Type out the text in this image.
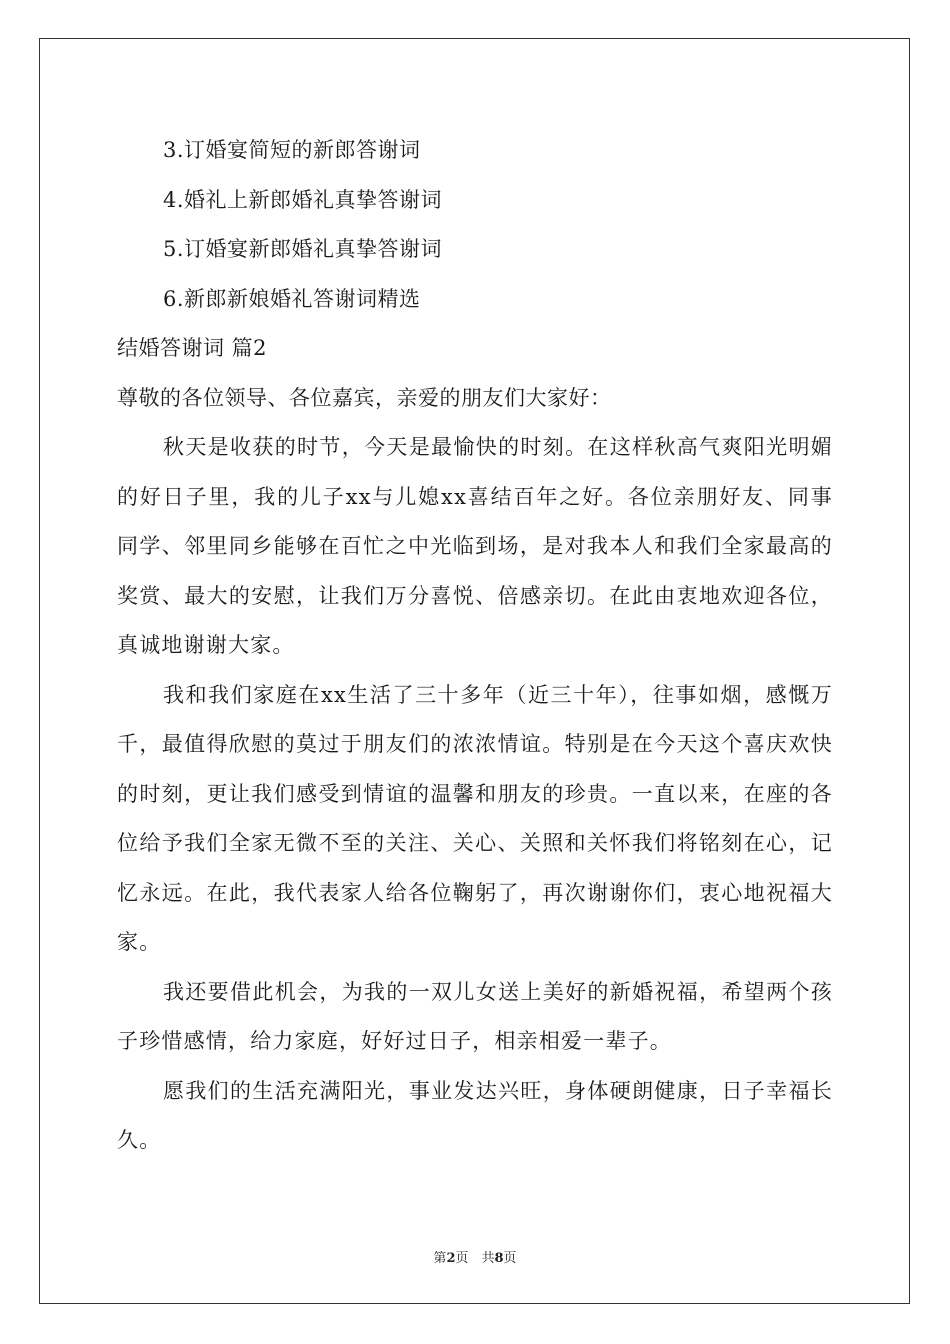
3.订婚宴简短的新郎答谢词
4.婚礼上新郎婚礼真挚答谢词
5.订婚宴新郎婚礼真挚答谢词
6.新郎新娘婚礼答谢词精选
结婚答谢词 篇2
尊敬的各位领导、各位嘉宾，亲爱的朋友们大家好：

秋天是收获的时节，今天是最愉快的时刻。在这样秋高气爽阳光明媚的好日子里，我的儿子xx与儿媳xx喜结百年之好。各位亲朋好友、同事同学、邻里同乡能够在百忙之中光临到场，是对我本人和我们全家最高的奖赏、最大的安慰，让我们万分喜悦、倍感亲切。在此由衷地欢迎各位，真诚地谢谢大家。

我和我们家庭在xx生活了三十多年（近三十年），往事如烟，感慨万千，最值得欣慰的莫过于朋友们的浓浓情谊。特别是在今天这个喜庆欢快的时刻，更让我们感受到情谊的温馨和朋友的珍贵。一直以来，在座的各位给予我们全家无微不至的关注、关心、关照和关怀我们将铭刻在心，记忆永远。在此，我代表家人给各位鞠躬了，再次谢谢你们，衷心地祝福大家。

我还要借此机会，为我的一双儿女送上美好的新婚祝福，希望两个孩子珍惜感情，给力家庭，好好过日子，相亲相爱一辈子。

愿我们的生活充满阳光，事业发达兴旺，身体硬朗健康，日子幸福长久。

第2页　共8页
